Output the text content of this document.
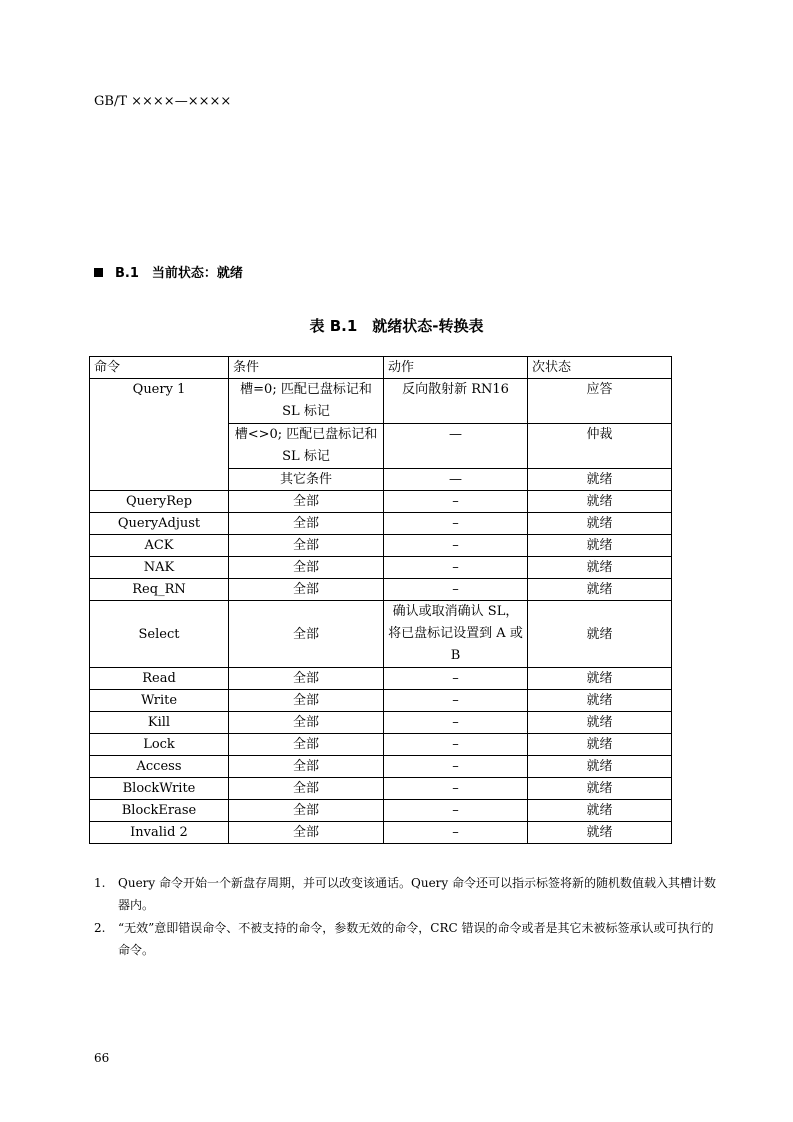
GB/T ××××—××××
B.1　当前状态：就绪
表 B.1　就绪状态-转换表
命令	条件	动作	次状态
Query 1	槽=0; 匹配已盘标记和 SL 标记	反向散射新 RN16	应答
	槽<>0; 匹配已盘标记和 SL 标记	—	仲裁
	其它条件	—	就绪
QueryRep	全部	–	就绪
QueryAdjust	全部	–	就绪
ACK	全部	–	就绪
NAK	全部	–	就绪
Req_RN	全部	–	就绪
Select	全部	确认或取消确认 SL，将已盘标记设置到 A 或 B	就绪
Read	全部	–	就绪
Write	全部	–	就绪
Kill	全部	–	就绪
Lock	全部	–	就绪
Access	全部	–	就绪
BlockWrite	全部	–	就绪
BlockErase	全部	–	就绪
Invalid 2	全部	–	就绪
1.	Query 命令开始一个新盘存周期，并可以改变该通话。Query 命令还可以指示标签将新的随机数值载入其槽计数器内。
2.	“无效”意即错误命令、不被支持的命令，参数无效的命令，CRC 错误的命令或者是其它未被标签承认或可执行的命令。
66
